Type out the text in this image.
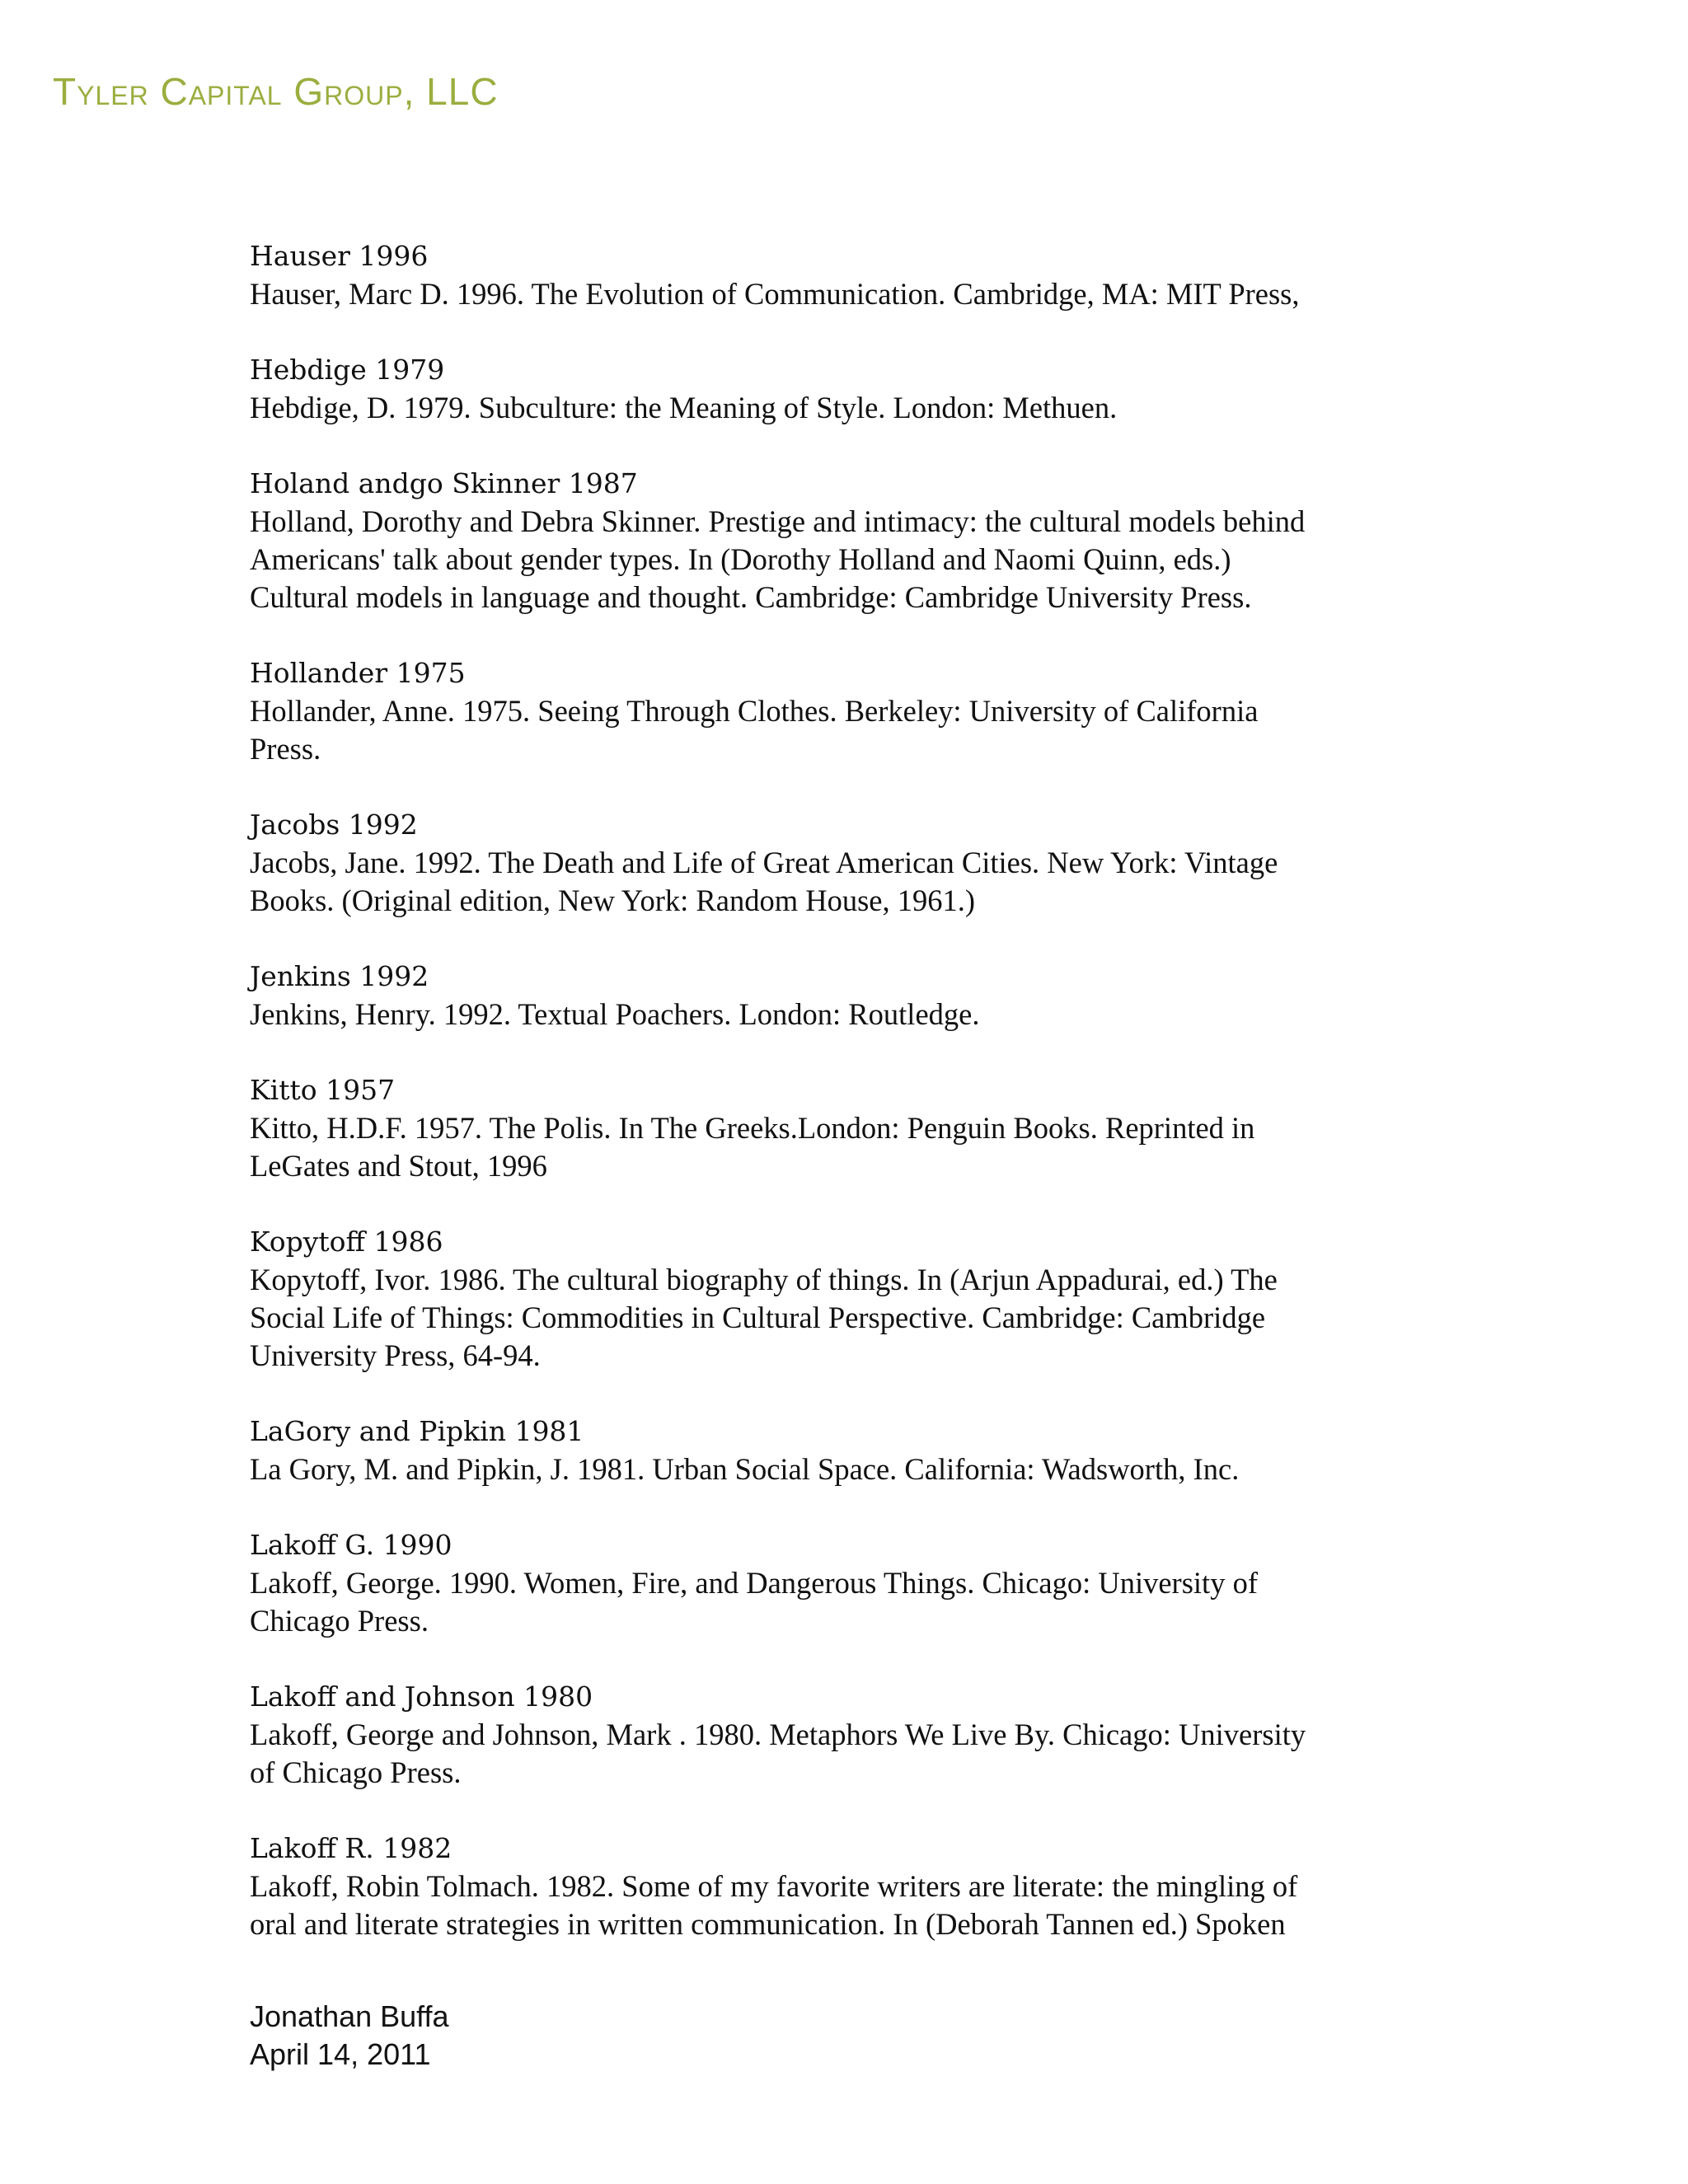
Tyler Capital Group, LLC
Hauser 1996
Hauser, Marc D. 1996. The Evolution of Communication. Cambridge, MA: MIT Press,
Hebdige 1979
Hebdige, D. 1979. Subculture: the Meaning of Style. London: Methuen.
Holand andgo Skinner 1987
Holland, Dorothy and Debra Skinner. Prestige and intimacy: the cultural models behind
Americans' talk about gender types. In (Dorothy Holland and Naomi Quinn, eds.)
Cultural models in language and thought. Cambridge: Cambridge University Press.
Hollander 1975
Hollander, Anne. 1975. Seeing Through Clothes. Berkeley: University of California
Press.
Jacobs 1992
Jacobs, Jane. 1992. The Death and Life of Great American Cities. New York: Vintage
Books. (Original edition, New York: Random House, 1961.)
Jenkins 1992
Jenkins, Henry. 1992. Textual Poachers. London: Routledge.
Kitto 1957
Kitto, H.D.F. 1957. The Polis. In The Greeks.London: Penguin Books. Reprinted in
LeGates and Stout, 1996
Kopytoff 1986
Kopytoff, Ivor. 1986. The cultural biography of things. In (Arjun Appadurai, ed.) The
Social Life of Things: Commodities in Cultural Perspective. Cambridge: Cambridge
University Press, 64-94.
LaGory and Pipkin 1981
La Gory, M. and Pipkin, J. 1981. Urban Social Space. California: Wadsworth, Inc.
Lakoff G. 1990
Lakoff, George. 1990. Women, Fire, and Dangerous Things. Chicago: University of
Chicago Press.
Lakoff and Johnson 1980
Lakoff, George and Johnson, Mark . 1980. Metaphors We Live By. Chicago: University
of Chicago Press.
Lakoff R. 1982
Lakoff, Robin Tolmach. 1982. Some of my favorite writers are literate: the mingling of
oral and literate strategies in written communication. In (Deborah Tannen ed.) Spoken
Jonathan Buffa
April 14, 2011
